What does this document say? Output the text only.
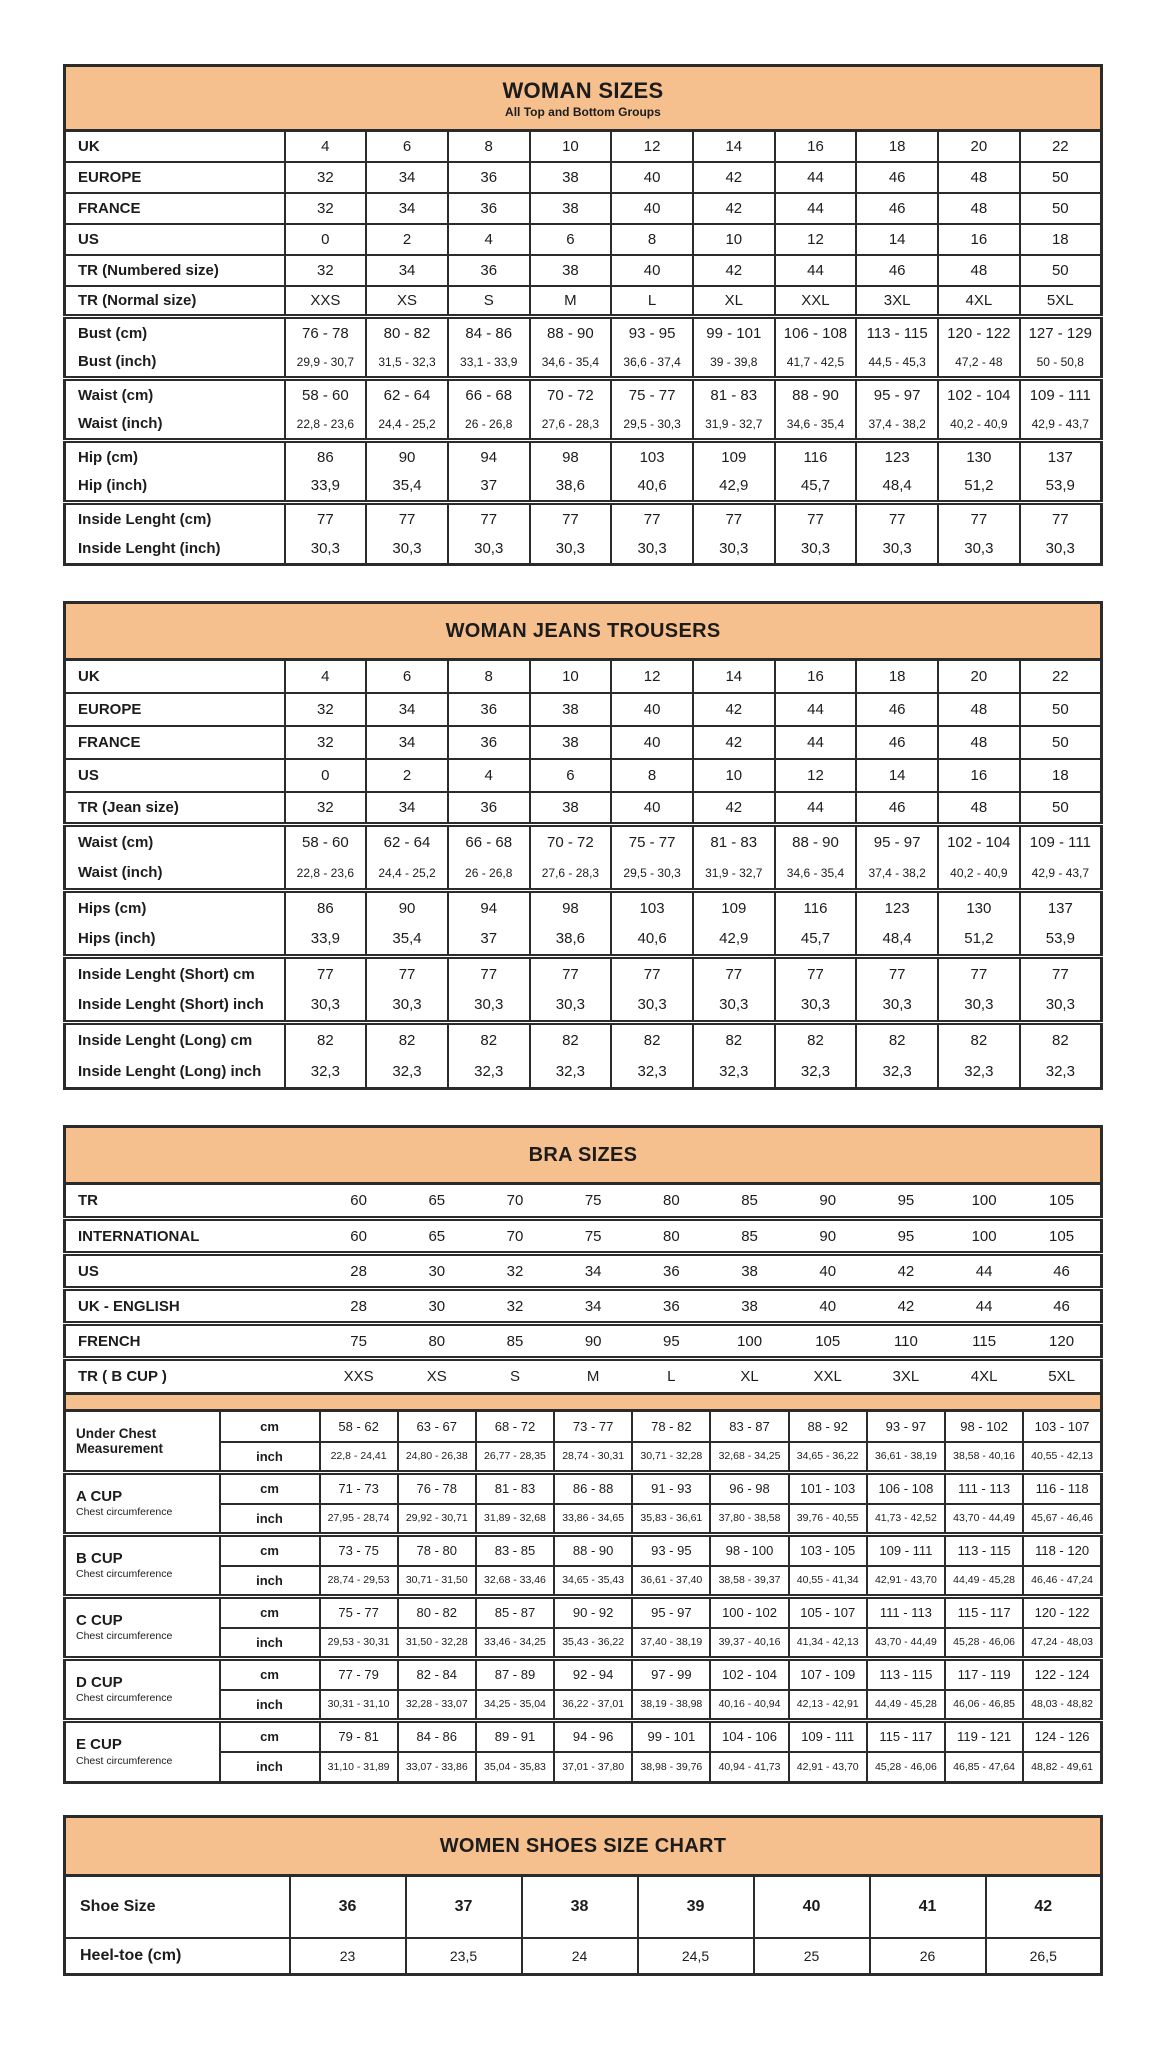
WOMAN SIZES
All Top and Bottom Groups										

UK	4	6	8	10	12	14	16	18	20	22
EUROPE	32	34	36	38	40	42	44	46	48	50
FRANCE	32	34	36	38	40	42	44	46	48	50
US	0	2	4	6	8	10	12	14	16	18
TR (Numbered size)	32	34	36	38	40	42	44	46	48	50
TR (Normal size)	XXS	XS	S	M	L	XL	XXL	3XL	4XL	5XL
Bust (cm)	76 - 78	80 - 82	84 - 86	88 - 90	93 - 95	99 - 101	106 - 108	113 - 115	120 - 122	127 - 129
Bust (inch)	29,9 - 30,7	31,5 - 32,3	33,1 - 33,9	34,6 - 35,4	36,6 - 37,4	39 - 39,8	41,7 - 42,5	44,5 - 45,3	47,2 - 48	50 - 50,8
Waist (cm)	58 - 60	62 - 64	66 - 68	70 - 72	75 - 77	81 - 83	88 - 90	95 - 97	102 - 104	109 - 111
Waist (inch)	22,8 - 23,6	24,4 - 25,2	26 - 26,8	27,6 - 28,3	29,5 - 30,3	31,9 - 32,7	34,6 - 35,4	37,4 - 38,2	40,2 - 40,9	42,9 - 43,7
Hip (cm)	86	90	94	98	103	109	116	123	130	137
Hip (inch)	33,9	35,4	37	38,6	40,6	42,9	45,7	48,4	51,2	53,9
Inside Lenght (cm)	77	77	77	77	77	77	77	77	77	77
Inside Lenght (inch)	30,3	30,3	30,3	30,3	30,3	30,3	30,3	30,3	30,3	30,3
WOMAN JEANS TROUSERS										

UK	4	6	8	10	12	14	16	18	20	22
EUROPE	32	34	36	38	40	42	44	46	48	50
FRANCE	32	34	36	38	40	42	44	46	48	50
US	0	2	4	6	8	10	12	14	16	18
TR (Jean size)	32	34	36	38	40	42	44	46	48	50
Waist (cm)	58 - 60	62 - 64	66 - 68	70 - 72	75 - 77	81 - 83	88 - 90	95 - 97	102 - 104	109 - 111
Waist (inch)	22,8 - 23,6	24,4 - 25,2	26 - 26,8	27,6 - 28,3	29,5 - 30,3	31,9 - 32,7	34,6 - 35,4	37,4 - 38,2	40,2 - 40,9	42,9 - 43,7
Hips (cm)	86	90	94	98	103	109	116	123	130	137
Hips (inch)	33,9	35,4	37	38,6	40,6	42,9	45,7	48,4	51,2	53,9
Inside Lenght (Short) cm	77	77	77	77	77	77	77	77	77	77
Inside Lenght (Short) inch	30,3	30,3	30,3	30,3	30,3	30,3	30,3	30,3	30,3	30,3
Inside Lenght (Long) cm	82	82	82	82	82	82	82	82	82	82
Inside Lenght (Long) inch	32,3	32,3	32,3	32,3	32,3	32,3	32,3	32,3	32,3	32,3
BRA SIZES											

TR		60	65	70	75	80	85	90	95	100	105
INTERNATIONAL		60	65	70	75	80	85	90	95	100	105
US		28	30	32	34	36	38	40	42	44	46
UK - ENGLISH		28	30	32	34	36	38	40	42	44	46
FRENCH		75	80	85	90	95	100	105	110	115	120
TR ( B CUP )		XXS	XS	S	M	L	XL	XXL	3XL	4XL	5XL

Under Chest Measurement	cm	58 - 62	63 - 67	68 - 72	73 - 77	78 - 82	83 - 87	88 - 92	93 - 97	98 - 102	103 - 107
	inch	22,8 - 24,41	24,80 - 26,38	26,77 - 28,35	28,74 - 30,31	30,71 - 32,28	32,68 - 34,25	34,65 - 36,22	36,61 - 38,19	38,58 - 40,16	40,55 - 42,13

A CUP
Chest circumference	cm	71 - 73	76 - 78	81 - 83	86 - 88	91 - 93	96 - 98	101 - 103	106 - 108	111 - 113	116 - 118
	inch	27,95 - 28,74	29,92 - 30,71	31,89 - 32,68	33,86 - 34,65	35,83 - 36,61	37,80 - 38,58	39,76 - 40,55	41,73 - 42,52	43,70 - 44,49	45,67 - 46,46

B CUP
Chest circumference	cm	73 - 75	78 - 80	83 - 85	88 - 90	93 - 95	98 - 100	103 - 105	109 - 111	113 - 115	118 - 120
	inch	28,74 - 29,53	30,71 - 31,50	32,68 - 33,46	34,65 - 35,43	36,61 - 37,40	38,58 - 39,37	40,55 - 41,34	42,91 - 43,70	44,49 - 45,28	46,46 - 47,24

C CUP
Chest circumference	cm	75 - 77	80 - 82	85 - 87	90 - 92	95 - 97	100 - 102	105 - 107	111 - 113	115 - 117	120 - 122
	inch	29,53 - 30,31	31,50 - 32,28	33,46 - 34,25	35,43 - 36,22	37,40 - 38,19	39,37 - 40,16	41,34 - 42,13	43,70 - 44,49	45,28 - 46,06	47,24 - 48,03

D CUP
Chest circumference	cm	77 - 79	82 - 84	87 - 89	92 - 94	97 - 99	102 - 104	107 - 109	113 - 115	117 - 119	122 - 124
	inch	30,31 - 31,10	32,28 - 33,07	34,25 - 35,04	36,22 - 37,01	38,19 - 38,98	40,16 - 40,94	42,13 - 42,91	44,49 - 45,28	46,06 - 46,85	48,03 - 48,82

E CUP
Chest circumference	cm	79 - 81	84 - 86	89 - 91	94 - 96	99 - 101	104 - 106	109 - 111	115 - 117	119 - 121	124 - 126
	inch	31,10 - 31,89	33,07 - 33,86	35,04 - 35,83	37,01 - 37,80	38,98 - 39,76	40,94 - 41,73	42,91 - 43,70	45,28 - 46,06	46,85 - 47,64	48,82 - 49,61
WOMEN SHOES SIZE CHART							

Shoe Size	36	37	38	39	40	41	42
Heel-toe (cm)	23	23,5	24	24,5	25	26	26,5
